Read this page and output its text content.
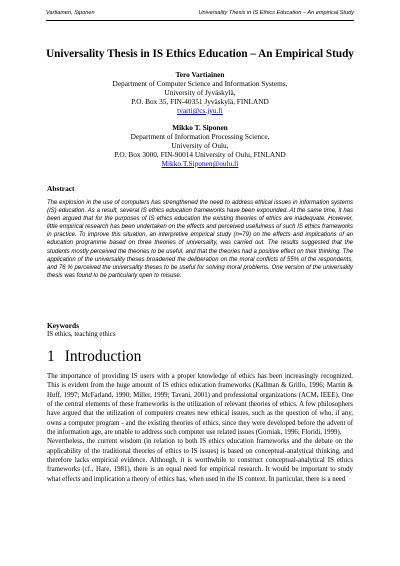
Vartiainen, Siponen	Universality Thesis in IS Ethics Education – An empirical Study
Universality Thesis in IS Ethics Education – An Empirical Study
Tero Vartiainen
Department of Computer Science and Information Systems,
University of Jyväskylä,
P.O. Box 35, FIN-40351 Jyväskylä, FINLAND
tvarti@cs.jyu.fi
Mikko T. Siponen
Department of Information Processing Science,
University of Oulu,
P.O. Box 3000, FIN-90014 University of Oulu, FINLAND
Mikko.T.Siponen@oulu.fi
Abstract
The explosion in the use of computers has strengthened the need to address ethical issues in information systems (IS) education. As a result, several IS ethics education frameworks have been expounded. At the same time, it has been argued that for the purposes of IS ethics education the existing theories of ethics are inadequate. However, little empirical research has been undertaken on the effects and perceived usefulness of such IS ethics frameworks in practice. To improve this situation, an interpretive empirical study (n=79) on the effects and implications of an education programme based on three theories of universality, was carried out. The results suggested that the students mostly perceived the theories to be useful, and that the theories had a positive effect on their thinking. The application of the universality theses broadened the deliberation on the moral conflicts of 55% of the respondents, and 76 % perceived the universality theses to be useful for solving moral problems. One version of the universality thesis was found to be particularly open to misuse.
Keywords
IS ethics, teaching ethics
1 Introduction

The importance of providing IS users with a proper knowledge of ethics has been increasingly recognized. This is evident from the huge amount of IS ethics education frameworks (Kallman & Grillo, 1996; Martin & Huff, 1997; McFarland, 1990; Miller, 1999; Tavani, 2001) and professional organizations (ACM, IEEE). One of the central elements of these frameworks is the utilization of relevant theories of ethics. A few philosophers have argued that the utilization of computers creates new ethical issues, such as the question of who, if any, owns a computer program - and the existing theories of ethics, since they were developed before the advent of the information age, are unable to address such computer use related issues (Gorniak, 1996; Floridi, 1999).

Nevertheless, the current wisdom (in relation to both IS ethics education frameworks and the debate on the applicability of the traditional theories of ethics to IS issues) is based on conceptual-analytical thinking, and therefore lacks empirical evidence. Although, it is worthwhile to construct conceptual-analytical IS ethics frameworks (cf., Hare, 1981), there is an equal need for empirical research. It would be important to study what effects and implication a theory of ethics has, when used in the IS context. In particular, there is a need
